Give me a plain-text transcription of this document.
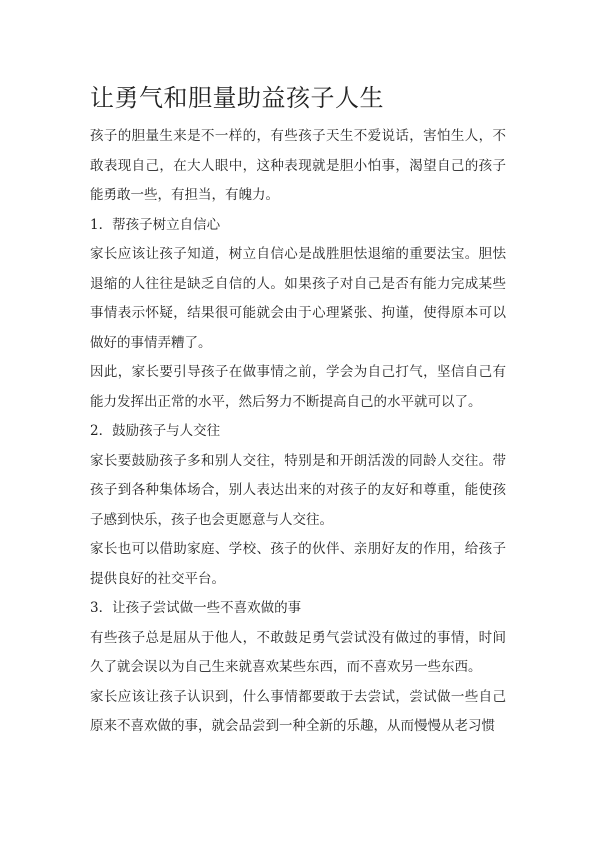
让勇气和胆量助益孩子人生

孩子的胆量生来是不一样的，有些孩子天生不爱说话，害怕生人，不
敢表现自己，在大人眼中，这种表现就是胆小怕事，渴望自己的孩子
能勇敢一些，有担当，有魄力。

1．帮孩子树立自信心

家长应该让孩子知道，树立自信心是战胜胆怯退缩的重要法宝。胆怯
退缩的人往往是缺乏自信的人。如果孩子对自己是否有能力完成某些
事情表示怀疑，结果很可能就会由于心理紧张、拘谨，使得原本可以
做好的事情弄糟了。

因此，家长要引导孩子在做事情之前，学会为自己打气，坚信自己有
能力发挥出正常的水平，然后努力不断提高自己的水平就可以了。

2．鼓励孩子与人交往

家长要鼓励孩子多和别人交往，特别是和开朗活泼的同龄人交往。带
孩子到各种集体场合，别人表达出来的对孩子的友好和尊重，能使孩
子感到快乐，孩子也会更愿意与人交往。

家长也可以借助家庭、学校、孩子的伙伴、亲朋好友的作用，给孩子
提供良好的社交平台。

3．让孩子尝试做一些不喜欢做的事

有些孩子总是屈从于他人，不敢鼓足勇气尝试没有做过的事情，时间
久了就会误以为自己生来就喜欢某些东西，而不喜欢另一些东西。

家长应该让孩子认识到，什么事情都要敢于去尝试，尝试做一些自己
原来不喜欢做的事，就会品尝到一种全新的乐趣，从而慢慢从老习惯
